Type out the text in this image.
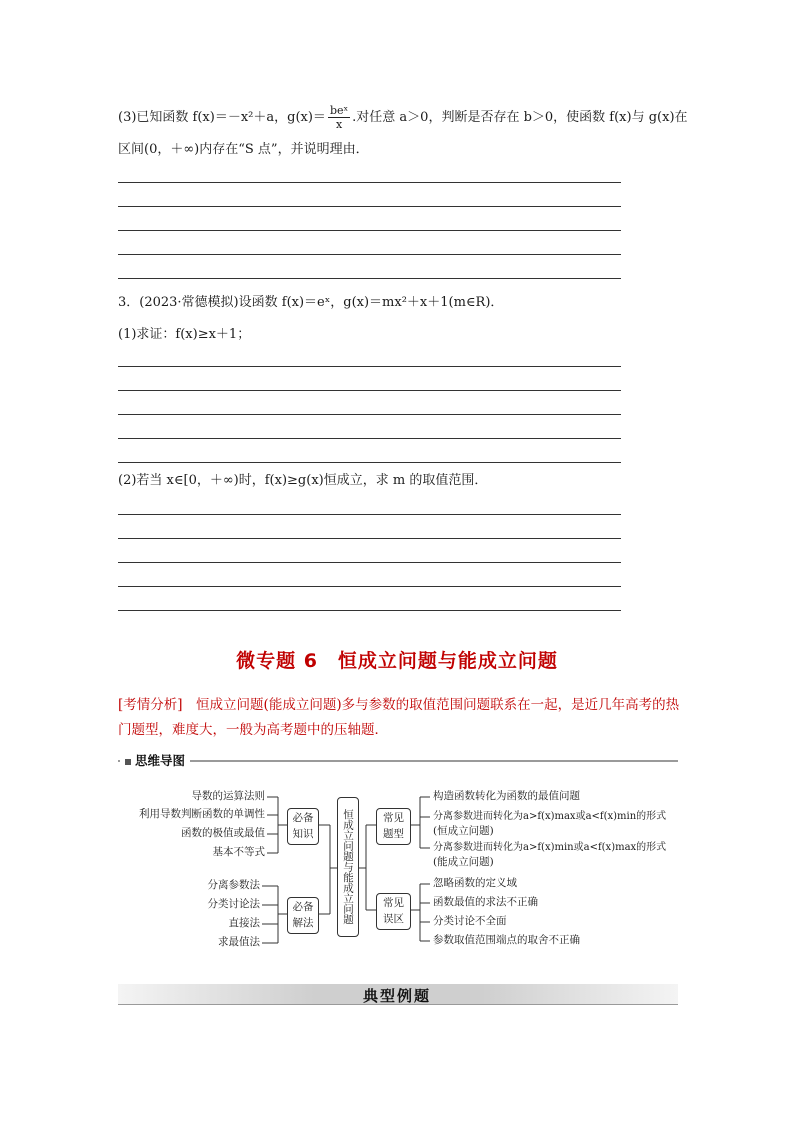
(3)已知函数 f(x)＝－x²＋a，$g(x)= \frac{\text{beˣ}}{x}$ .对任意 a＞0，判断是否存在 b＞0，使函数 f(x)与 g(x)在
区间(0，＋∞)内存在“S 点”，并说明理由．
3．(2023·常德模拟)设函数 f(x)＝eˣ，g(x)＝mx²＋x＋1(m∈R)．
(1)求证：f(x)≥x＋1；
(2)若当 x∈[0，＋∞)时，f(x)≥g(x)恒成立，求 m 的取值范围．
微专题 6　恒成立问题与能成立问题
[考情分析]　恒成立问题(能成立问题)多与参数的取值范围问题联系在一起，是近几年高考的热门题型，难度大，一般为高考题中的压轴题．
思维导图
导数的运算法则
利用导数判断函数的单调性
函数的极值或最值
基本不等式
分离参数法
分类讨论法
直接法
求最值法
必备知识
必备解法	恒成立问题与能成立问题	常见题型
常见误区
构造函数转化为函数的最值问题
分离参数进而转化为a>f(x)max或a<f(x)min的形式
(恒成立问题)
分离参数进而转化为a>f(x)min或a<f(x)max的形式
(能成立问题)
忽略函数的定义域
函数最值的求法不正确
分类讨论不全面
参数取值范围端点的取舍不正确
典型例题
